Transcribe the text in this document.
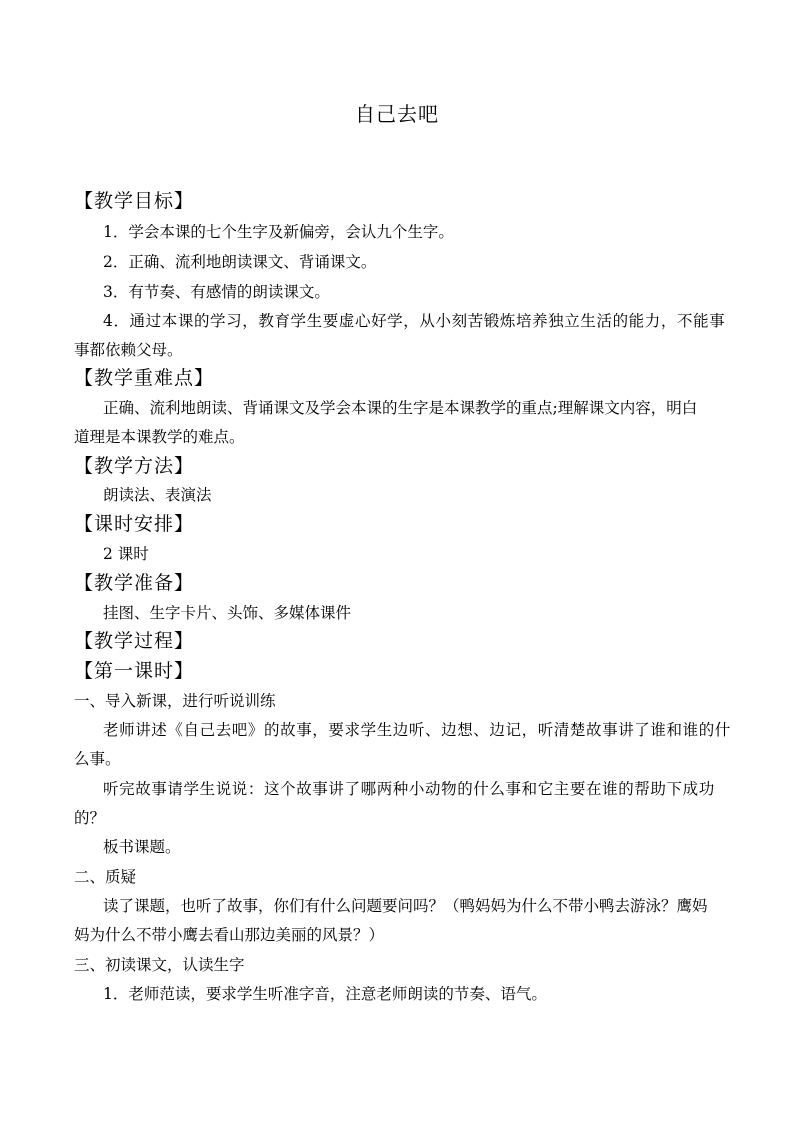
自己去吧
【教学目标】
1．学会本课的七个生字及新偏旁，会认九个生字。
2．正确、流利地朗读课文、背诵课文。
3．有节奏、有感情的朗读课文。
4．通过本课的学习，教育学生要虚心好学，从小刻苦锻炼培养独立生活的能力，不能事
事都依赖父母。
【教学重难点】
正确、流利地朗读、背诵课文及学会本课的生字是本课教学的重点;理解课文内容，明白
道理是本课教学的难点。
【教学方法】
朗读法、表演法
【课时安排】
2 课时
【教学准备】
挂图、生字卡片、头饰、多媒体课件
【教学过程】
【第一课时】
一、导入新课，进行听说训练
老师讲述《自己去吧》的故事，要求学生边听、边想、边记，听清楚故事讲了谁和谁的什
么事。
听完故事请学生说说：这个故事讲了哪两种小动物的什么事和它主要在谁的帮助下成功
的？
板书课题。
二、质疑
读了课题，也听了故事，你们有什么问题要问吗？（鸭妈妈为什么不带小鸭去游泳？鹰妈
妈为什么不带小鹰去看山那边美丽的风景？）
三、初读课文，认读生字
1．老师范读，要求学生听准字音，注意老师朗读的节奏、语气。
